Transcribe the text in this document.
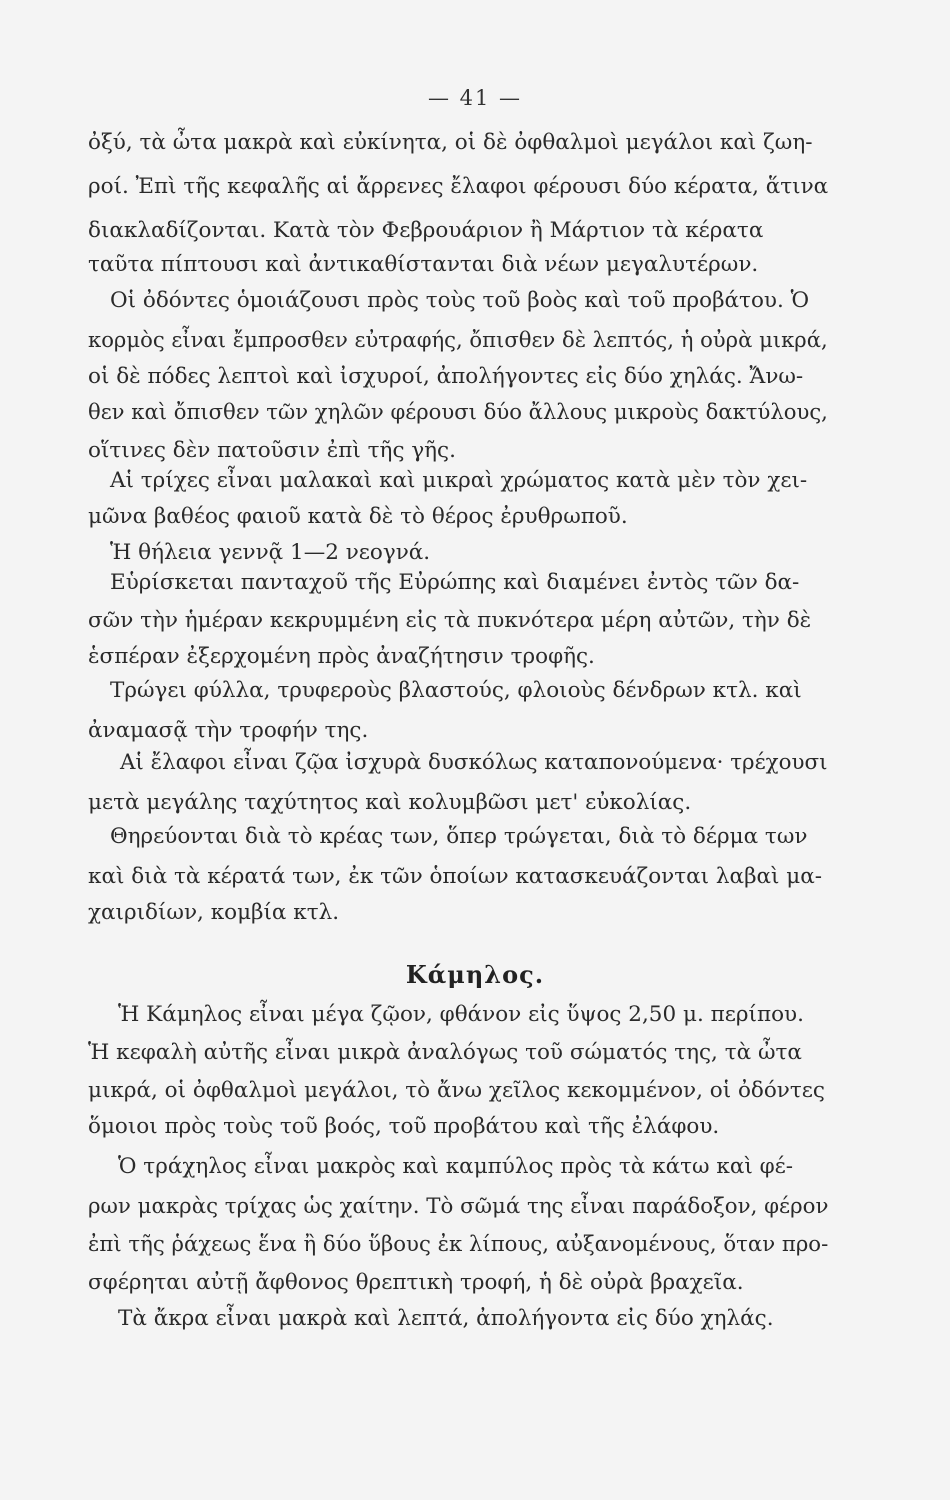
— 41 —
ὀξύ, τὰ ὦτα μακρὰ καὶ εὐκίνητα, οἱ δὲ ὀφθαλμοὶ μεγάλοι καὶ ζωη-
ροί. Ἐπὶ τῆς κεφαλῆς αἱ ἄρρενες ἔλαφοι φέρουσι δύο κέρατα, ἅτινα
διακλαδίζονται. Κατὰ τὸν Φεβρουάριον ἢ Μάρτιον τὰ κέρατα
ταῦτα πίπτουσι καὶ ἀντικαθίστανται διὰ νέων μεγαλυτέρων.
Οἱ ὀδόντες ὁμοιάζουσι πρὸς τοὺς τοῦ βοὸς καὶ τοῦ προβάτου. Ὁ
κορμὸς εἶναι ἔμπροσθεν εὐτραφής, ὄπισθεν δὲ λεπτός, ἡ οὐρὰ μικρά,
οἱ δὲ πόδες λεπτοὶ καὶ ἰσχυροί, ἀπολήγοντες εἰς δύο χηλάς. Ἄνω-
θεν καὶ ὄπισθεν τῶν χηλῶν φέρουσι δύο ἄλλους μικροὺς δακτύλους,
οἵτινες δὲν πατοῦσιν ἐπὶ τῆς γῆς.
Αἱ τρίχες εἶναι μαλακαὶ καὶ μικραὶ χρώματος κατὰ μὲν τὸν χει-
μῶνα βαθέος φαιοῦ κατὰ δὲ τὸ θέρος ἐρυθρωποῦ.
Ἡ θήλεια γεννᾷ 1—2 νεογνά.
Εὑρίσκεται πανταχοῦ τῆς Εὐρώπης καὶ διαμένει ἐντὸς τῶν δα-
σῶν τὴν ἡμέραν κεκρυμμένη εἰς τὰ πυκνότερα μέρη αὐτῶν, τὴν δὲ
ἑσπέραν ἐξερχομένη πρὸς ἀναζήτησιν τροφῆς.
Τρώγει φύλλα, τρυφεροὺς βλαστούς, φλοιοὺς δένδρων κτλ. καὶ
ἀναμασᾷ τὴν τροφήν της.
Αἱ ἔλαφοι εἶναι ζῷα ἰσχυρὰ δυσκόλως καταπονούμενα· τρέχουσι
μετὰ μεγάλης ταχύτητος καὶ κολυμβῶσι μετ' εὐκολίας.
Θηρεύονται διὰ τὸ κρέας των, ὅπερ τρώγεται, διὰ τὸ δέρμα των
καὶ διὰ τὰ κέρατά των, ἐκ τῶν ὁποίων κατασκευάζονται λαβαὶ μα-
χαιριδίων, κομβία κτλ.
Κάμηλος.
Ἡ Κάμηλος εἶναι μέγα ζῷον, φθάνον εἰς ὕψος 2,50 μ. περίπου.
Ἡ κεφαλὴ αὐτῆς εἶναι μικρὰ ἀναλόγως τοῦ σώματός της, τὰ ὦτα
μικρά, οἱ ὀφθαλμοὶ μεγάλοι, τὸ ἄνω χεῖλος κεκομμένον, οἱ ὀδόντες
ὅμοιοι πρὸς τοὺς τοῦ βοός, τοῦ προβάτου καὶ τῆς ἐλάφου.
Ὁ τράχηλος εἶναι μακρὸς καὶ καμπύλος πρὸς τὰ κάτω καὶ φέ-
ρων μακρὰς τρίχας ὡς χαίτην. Τὸ σῶμά της εἶναι παράδοξον, φέρον
ἐπὶ τῆς ῥάχεως ἕνα ἢ δύο ὕβους ἐκ λίπους, αὐξανομένους, ὅταν προ-
σφέρηται αὐτῇ ἄφθονος θρεπτικὴ τροφή, ἡ δὲ οὐρὰ βραχεῖα.
Τὰ ἄκρα εἶναι μακρὰ καὶ λεπτά, ἀπολήγοντα εἰς δύο χηλάς.
